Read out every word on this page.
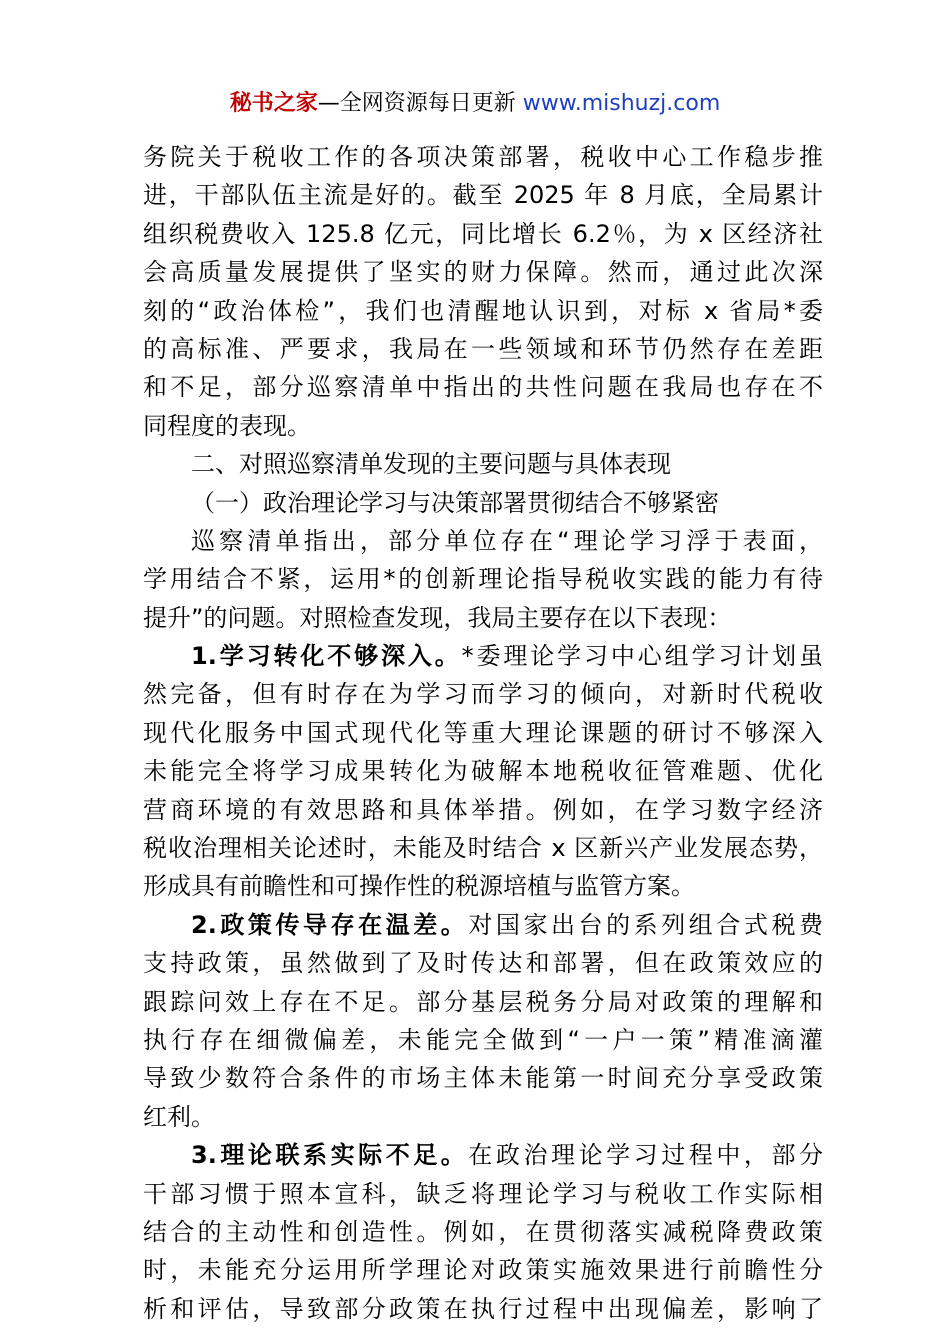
秘书之家—全网资源每日更新 www.mishuzj.com
务院关于税收工作的各项决策部署，税收中心工作稳步推
进，干部队伍主流是好的。截至 2025 年 8 月底，全局累计
组织税费收入 125.8 亿元，同比增长 6.2％，为 x 区经济社
会高质量发展提供了坚实的财力保障。然而，通过此次深
刻的“政治体检”，我们也清醒地认识到，对标 x 省局*委
的高标准、严要求，我局在一些领域和环节仍然存在差距
和不足，部分巡察清单中指出的共性问题在我局也存在不
同程度的表现。
二、对照巡察清单发现的主要问题与具体表现
（一）政治理论学习与决策部署贯彻结合不够紧密
巡察清单指出，部分单位存在“理论学习浮于表面，
学用结合不紧，运用*的创新理论指导税收实践的能力有待
提升”的问题。对照检查发现，我局主要存在以下表现：
1.学习转化不够深入。*委理论学习中心组学习计划虽
然完备，但有时存在为学习而学习的倾向，对新时代税收
现代化服务中国式现代化等重大理论课题的研讨不够深入
未能完全将学习成果转化为破解本地税收征管难题、优化
营商环境的有效思路和具体举措。例如，在学习数字经济
税收治理相关论述时，未能及时结合 x 区新兴产业发展态势，
形成具有前瞻性和可操作性的税源培植与监管方案。
2.政策传导存在温差。对国家出台的系列组合式税费
支持政策，虽然做到了及时传达和部署，但在政策效应的
跟踪问效上存在不足。部分基层税务分局对政策的理解和
执行存在细微偏差，未能完全做到“一户一策”精准滴灌
导致少数符合条件的市场主体未能第一时间充分享受政策
红利。
3.理论联系实际不足。在政治理论学习过程中，部分
干部习惯于照本宣科，缺乏将理论学习与税收工作实际相
结合的主动性和创造性。例如，在贯彻落实减税降费政策
时，未能充分运用所学理论对政策实施效果进行前瞻性分
析和评估，导致部分政策在执行过程中出现偏差，影响了
